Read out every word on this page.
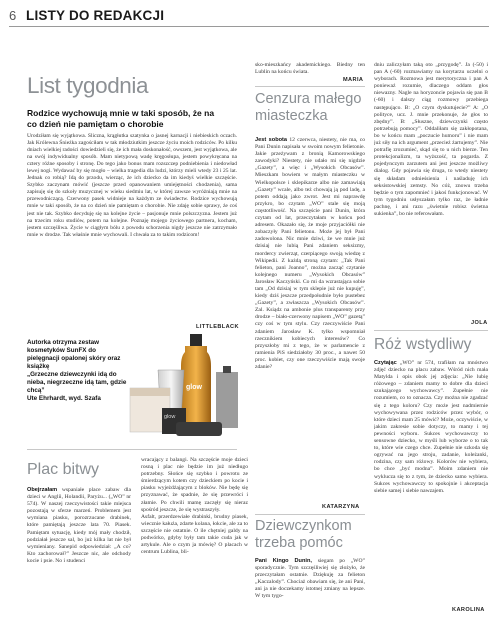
6 LISTY DO REDAKCJI
List tygodnia
Rodzice wychowują mnie w taki sposób, że na co dzień nie pamiętam o chorobie
Urodziłam się wyjątkowa. Śliczna, krągłutka szatynka o jasnej karnacji i niebieskich oczach. Jak Królewna Śnieżka zagościłam w tak młodziutkim jeszcze życiu moich rodziców. Po kilku dniach wielkiej radości dowiedzieli się, że ich mała doskonałość, owszem, jest wyjątkowa, ale na swój indywidualny sposób. Mam nietypową wadę kręgosłupa, jestem powykręcana na cztery różne sposoby i stronę. Do tego jako bonus mam rozszczep podniebienia i niedowład lewej nogi. Wydawać by się mogło – wielka tragedia dla ludzi, którzy mieli wtedy 23 i 25 lat. Jednak co robią? Idą do przodu, wierząc, że ich dziecko da im kiedyś wielkie szczęście. Szybko zaczynam mówić (jeszcze przed opanowaniem umiejętności chodzenia), sama zapisuję się do szkoły muzycznej w wieku siedmiu lat, w której zawsze wyróżniają mnie na przewodniczącą. Czerwony pasek widnieje na każdym ze świadectw. Rodzice wychowują mnie w taki sposób, że na co dzień nie pamiętam o chorobie. Nie zdaję sobie sprawy, że coś jest nie tak. Szybko decyduję się na kolejne życie – pasjonuje mnie polszczyzna. Jestem już na trzecim roku studiów, potem na kolejne. Poznaję mojego życiowego partnera, kocham, jestem szczęśliwa. Życie w ciągłym bólu z powodu schorzenia nigdy jeszcze nie zatrzymało mnie w drodze. Tak właśnie mnie wychowali. I chwała za to takim rodzicom!
LITTLEBLACK
Autorka otrzyma zestaw kosmetyków SunFX do pielęgnacji opalonej skóry oraz książkę
„Grzeczne dziewczynki idą do nieba, niegrzeczne idą tam, gdzie chcą”
Ute Ehrhardt, wyd. Szafa
glow
glow
Plac bitwy
Obejrzałam wspaniałe place zabaw dla dzieci w Anglii, Holandii, Paryżu... („WO” nr 574). W naszej rzeczywistości takie miejsca pozostają w sferze marzeń. Problemem jest wymiana piasku, porozrzucane drabinek, które pamiętają jeszcze lata 70. Piasek. Pamiętam sytuację, kiedy mój mały chodził, podziałał jeszcze sal, bo już kilka lat nie był wymieniany. Sanepid odpowiedział: „A co? Kto zachorował?” Jeszcze nic, ale odchody kocie i psie. No i studenci
wracający z balangi. Na szczęście moje dzieci rosną i plac nie będzie im już niedługo potrzebny. Słońce się szybko i powrotu ze śmierdzącym kotem czy dzieckiem po kocie i piasku wyjeżdżającym z bloków. Nie będę się przyznawać, że spadnie, że się przewróci i złamie. Po chwili mamę zaczęły się nieraz spośród jeszcze, że się wystraszyły.
Asfalt, przerdzewiałe drabinki, brudny piasek, wiecznie kałuża, zdarte kolana, łokcie, ale za to szczęście nie ostatnie. O ile chętniej galdy na podwórko, gdyby były tam takie cuda jak w artykule. Ale o czym ja mówię? O placach w centrum Lublina, bli-
sko-mieszkańcy akademickiego. Biedny ten Lublin na końcu świata.
MARIA
Cenzura małego miasteczka
Jest sobota 12 czerwca, niestety, nie ma, co Pani Dunin napisała w swoim nowym felietonie. Jakie przeżywam z bronią Kamorowskiego zawodyki? Niestety, nie udało mi się nigdzie „Gazety”, a więc i „Wysokich Obcasów”. Mieszkam bowiem w małym miasteczku w Wielkopolsce i sklepikarze albo nie zamawiają „Gazety” wcale, albo też chowają ją pod ladę, a potem oddają jako zwrot. Jest mi naprawdę przykro, bo czytam „WO” stale się moją częstotliwość. Na szczęście pani Dunin, która czytam od lat, przeczytałam w końcu pod adresem. Okazało się, że moje przyjaciółki nie zobaczyły Pani felietonu. Może jej był Pani zadowolona. Nic mnie dziwi, że we mnie już dzisiaj nie lubią Pani zdaniem seksizmy, mordercy zwierząt, czerpiącego swoją wiedzę z Wikipedii. Z każdą stroną czytam: „Tak Pani felieton, pani Joanno”, można zacząć czytanie kolejnego numeru „Wysokich Obcasów” Jarosław Kaczyński. Co mi da wzrastająca sobie tam „Od dzisiaj w tym sklepie już nie kupuję”, kiedy dziś jeszcze przedpołudnie było pustebez „Gazety”, a zwłaszcza „Wysokich Obcasów”. Zal. Ksiądz na ambonie plus transparenty przy drodze – biało-czerwony napisem „WO” gazetą” czy coś w tym stylu. Czy rzeczywiście Pani zdaniem Jarosław K. tylko wspomniał rzecznikiem kobiecych interesów? Co przyszłoby mi z tego, że w parlamencie z ramienia PiS siedziałoby 30 proc., a nawet 50 proc. kobiet, czy one rzeczywiście mają swoje zdanie?
KATARZYNA
Dziewczynkom trzeba pomóc
Pani Kingo Dunin, siegam po „WO” sporadycznie. Tym szczęśliwiej się złożyło, że przeczytałam ostatnie. Dziękuję za felieton „Kaczalody”. Chociaż obawiam się, że ani Pani, ani ja nie doczekamy istotnej zmiany na lepsze. W tym tygo-
dniu zaliczyłam taką oto „przygodę”. Ja (-50) i pan A (-60) rozmawiamy na korytarzu uczelni o wyborach. Rozmowa jest merytoryczna i pan A ponieważ rozumie, dlaczego oddam głos niewazny. Nagle na horyzoncie pojawia się pan B (-60) i dalszy ciąg rozmowy przebiega następująco. B: „O czym dyskutujecie?” A: „O polityce, ucz. J. mnie przekonuje, że głos to zbędny”. B: „Słuszne, dziewczynki często potrzebują pomocy”. Oddaliłam się zakłopotana, bo w końcu mam „poczucie humoru” i nie mam już siły na ich argument „przecież żartujemy”. Nie potrafię zrozumieć, skąd się to u nich bierze. Ten protekcjonalizm, ta wyższość, ta pogarda. Z pojedynczym zarzutem ani jest jeszcze możliwy dialog. Gdy pojawia się druga, to wtedy niestety się składam odnieśsienia i naśladuję ich seksistowskiej zemsty. No cóż, znowu trzeba będzie o tym zapomnieć i jakoś funkcjonować. W tym tygodniu usłyszałam tylko raz, że ładnie pachnę, i ani razu „świetnie robisz świetna sukienka”, bo nie referowałam.
JOLA
Róż wstydliwy
Czytając „WO” nr 574, trafiłam na mnóstwo zdjęć dziecko na placu zabaw. Wśród nich mała Matylda i opis obok jej zdjęcia: „Nie lubię różowego – zdaniem mamy to dobre dla dzieci szukającego wychowawcy”. Zupełnie nie rozumiem, co to oznacza. Czy można nie zgadzać się z tego koloru? Czy może jest nadmiernie wychowywana przez rodziców przez wybór, o które dzieci mam 25 mówić? Może, oczywiście, w jakim zakresie sobie dotyczy, to mamy i tej pewności wyboru. Sukces wychowawczy to sensowne dziecko, w myśli lub wyborze o to tak to, które wie czego chce. Zupełnie nie szkoda się ogrywać na jego stroju, zadanie, koleżanki, rodzina, czy sam różowy. Kolorów nie wybiera, bo chce „być modna”. Moim zdaniem nie wyklucza się to z tym, że dziecko samo wybiera. Sukces wychowawczy to spokojnie i akceptacja siebie samej i siebie nawzajem.
KAROLINA
